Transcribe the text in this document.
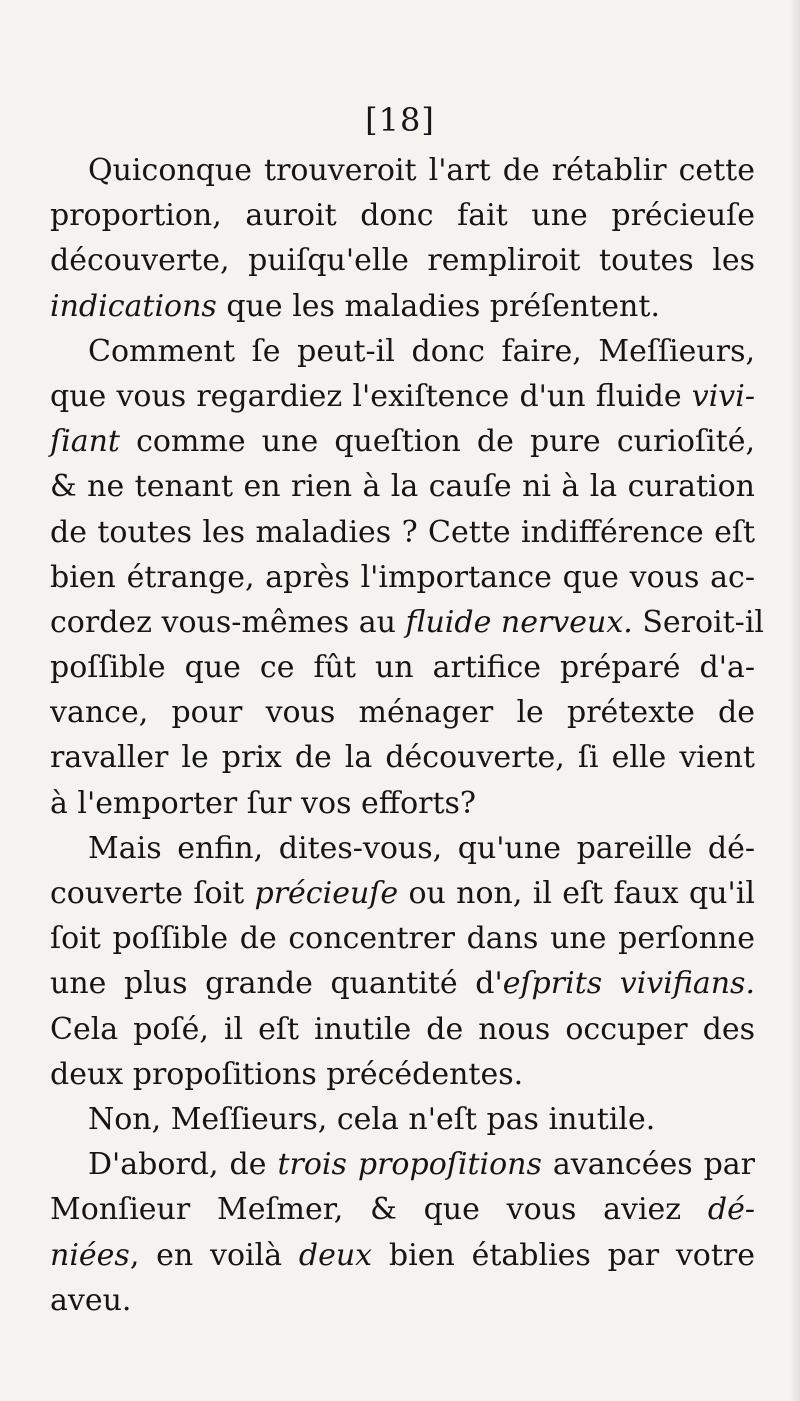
[18]
Quiconque trouveroit l'art de rétablir cette
proportion, auroit donc fait une précieuſe
découverte, puiſqu'elle rempliroit toutes les
indications que les maladies préſentent.
Comment ſe peut-il donc faire, Meſſieurs,
que vous regardiez l'exiſtence d'un fluide vivi-
ſiant comme une queſtion de pure curioſité,
& ne tenant en rien à la cauſe ni à la curation
de toutes les maladies ? Cette indifférence eſt
bien étrange, après l'importance que vous ac-
cordez vous-mêmes au fluide nerveux. Seroit-il
poſſible que ce fût un artifice préparé d'a-
vance, pour vous ménager le prétexte de
ravaller le prix de la découverte, ſi elle vient
à l'emporter ſur vos efforts?
Mais enfin, dites-vous, qu'une pareille dé-
couverte ſoit précieuſe ou non, il eſt faux qu'il
ſoit poſſible de concentrer dans une perſonne
une plus grande quantité d'eſprits vivifians.
Cela poſé, il eſt inutile de nous occuper des
deux propoſitions précédentes.
Non, Meſſieurs, cela n'eſt pas inutile.
D'abord, de trois propoſitions avancées par
Monſieur Meſmer, & que vous aviez dé-
niées, en voilà deux bien établies par votre
aveu.
